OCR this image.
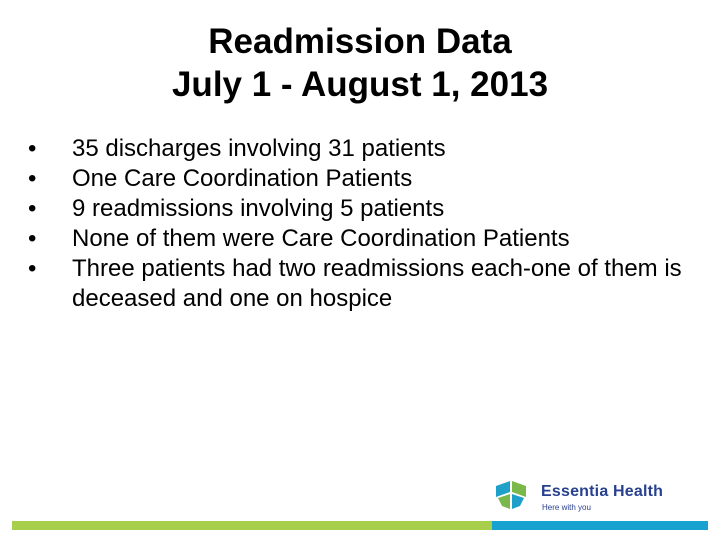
Readmission Data
July 1 - August 1, 2013
•	35 discharges involving 31 patients
•	One Care Coordination Patients
•	9 readmissions involving 5 patients
•	None of them were Care Coordination Patients
•	Three patients had two readmissions each-one of them is deceased and one on hospice
Essentia Health
Here with you
